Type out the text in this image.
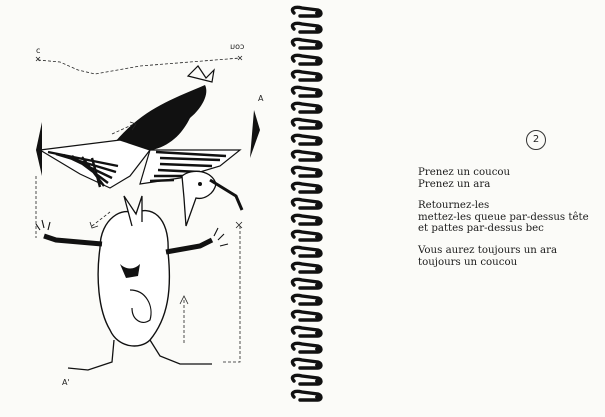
c	cou
A
A'
2
Prenez un coucou
Prenez un ara
Retournez-les
mettez-les queue par-dessus tête
et pattes par-dessus bec
Vous aurez toujours un ara
toujours un coucou
